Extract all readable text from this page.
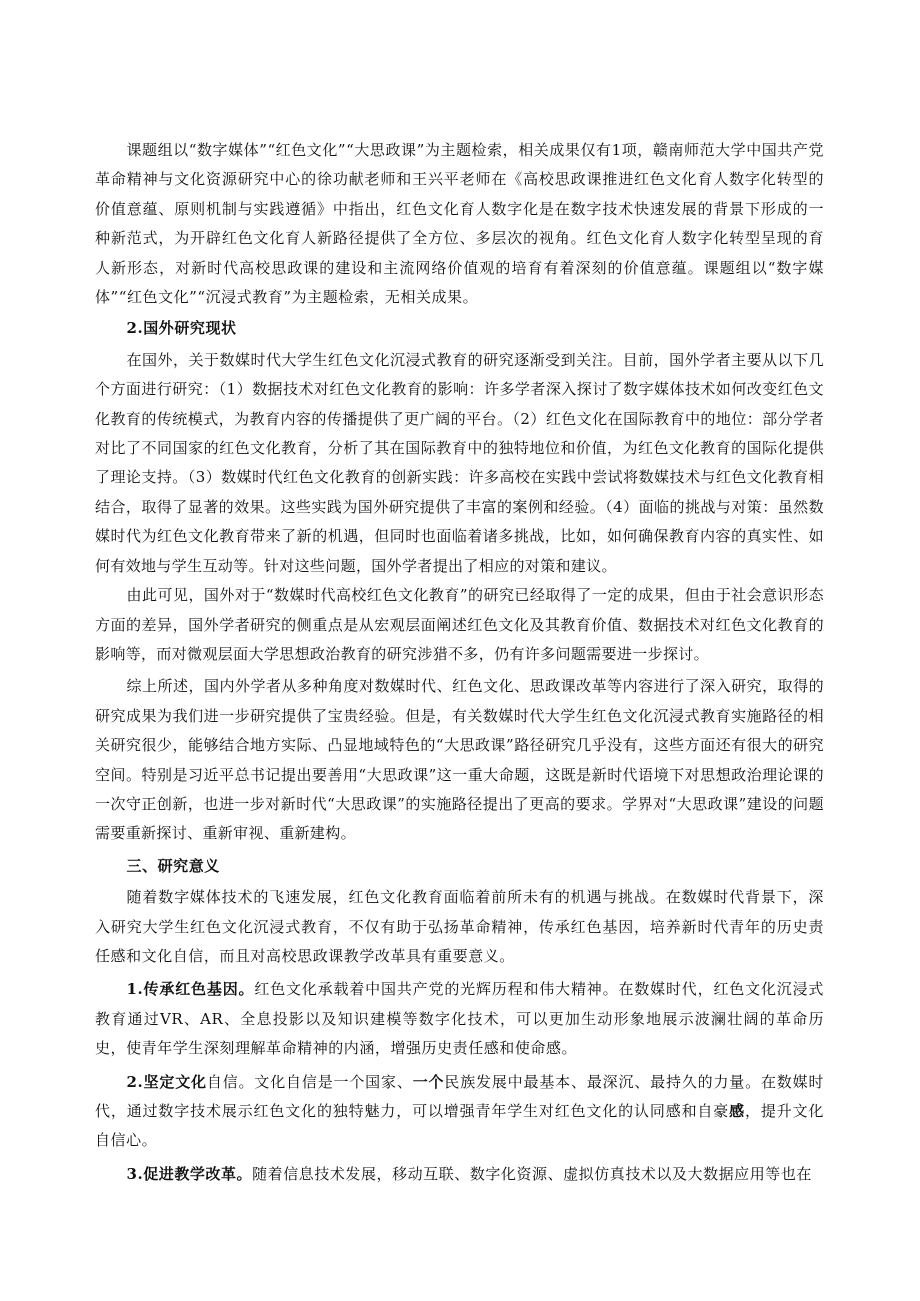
课题组以“数字媒体”“红色文化”“大思政课”为主题检索，相关成果仅有1项，赣南师范大学中国共产党革命精神与文化资源研究中心的徐功献老师和王兴平老师在《高校思政课推进红色文化育人数字化转型的价值意蕴、原则机制与实践遵循》中指出，红色文化育人数字化是在数字技术快速发展的背景下形成的一种新范式，为开辟红色文化育人新路径提供了全方位、多层次的视角。红色文化育人数字化转型呈现的育人新形态，对新时代高校思政课的建设和主流网络价值观的培育有着深刻的价值意蕴。课题组以“数字媒体”“红色文化”“沉浸式教育”为主题检索，无相关成果。

2.国外研究现状

在国外，关于数媒时代大学生红色文化沉浸式教育的研究逐渐受到关注。目前，国外学者主要从以下几个方面进行研究：（1）数据技术对红色文化教育的影响：许多学者深入探讨了数字媒体技术如何改变红色文化教育的传统模式，为教育内容的传播提供了更广阔的平台。（2）红色文化在国际教育中的地位：部分学者对比了不同国家的红色文化教育，分析了其在国际教育中的独特地位和价值，为红色文化教育的国际化提供了理论支持。（3）数媒时代红色文化教育的创新实践：许多高校在实践中尝试将数媒技术与红色文化教育相结合，取得了显著的效果。这些实践为国外研究提供了丰富的案例和经验。（4）面临的挑战与对策：虽然数媒时代为红色文化教育带来了新的机遇，但同时也面临着诸多挑战，比如，如何确保教育内容的真实性、如何有效地与学生互动等。针对这些问题，国外学者提出了相应的对策和建议。

由此可见，国外对于“数媒时代高校红色文化教育”的研究已经取得了一定的成果，但由于社会意识形态方面的差异，国外学者研究的侧重点是从宏观层面阐述红色文化及其教育价值、数据技术对红色文化教育的影响等，而对微观层面大学思想政治教育的研究涉猎不多，仍有许多问题需要进一步探讨。

综上所述，国内外学者从多种角度对数媒时代、红色文化、思政课改革等内容进行了深入研究，取得的研究成果为我们进一步研究提供了宝贵经验。但是，有关数媒时代大学生红色文化沉浸式教育实施路径的相关研究很少，能够结合地方实际、凸显地域特色的“大思政课”路径研究几乎没有，这些方面还有很大的研究空间。特别是习近平总书记提出要善用“大思政课”这一重大命题，这既是新时代语境下对思想政治理论课的一次守正创新，也进一步对新时代“大思政课”的实施路径提出了更高的要求。学界对“大思政课”建设的问题需要重新探讨、重新审视、重新建构。

三、研究意义

随着数字媒体技术的飞速发展，红色文化教育面临着前所未有的机遇与挑战。在数媒时代背景下，深入研究大学生红色文化沉浸式教育，不仅有助于弘扬革命精神，传承红色基因，培养新时代青年的历史责任感和文化自信，而且对高校思政课教学改革具有重要意义。

1.传承红色基因。红色文化承载着中国共产党的光辉历程和伟大精神。在数媒时代，红色文化沉浸式教育通过VR、AR、全息投影以及知识建模等数字化技术，可以更加生动形象地展示波澜壮阔的革命历史，使青年学生深刻理解革命精神的内涵，增强历史责任感和使命感。

2.坚定文化自信。文化自信是一个国家、一个民族发展中最基本、最深沉、最持久的力量。在数媒时代，通过数字技术展示红色文化的独特魅力，可以增强青年学生对红色文化的认同感和自豪感，提升文化自信心。

3.促进教学改革。随着信息技术发展，移动互联、数字化资源、虚拟仿真技术以及大数据应用等也在
